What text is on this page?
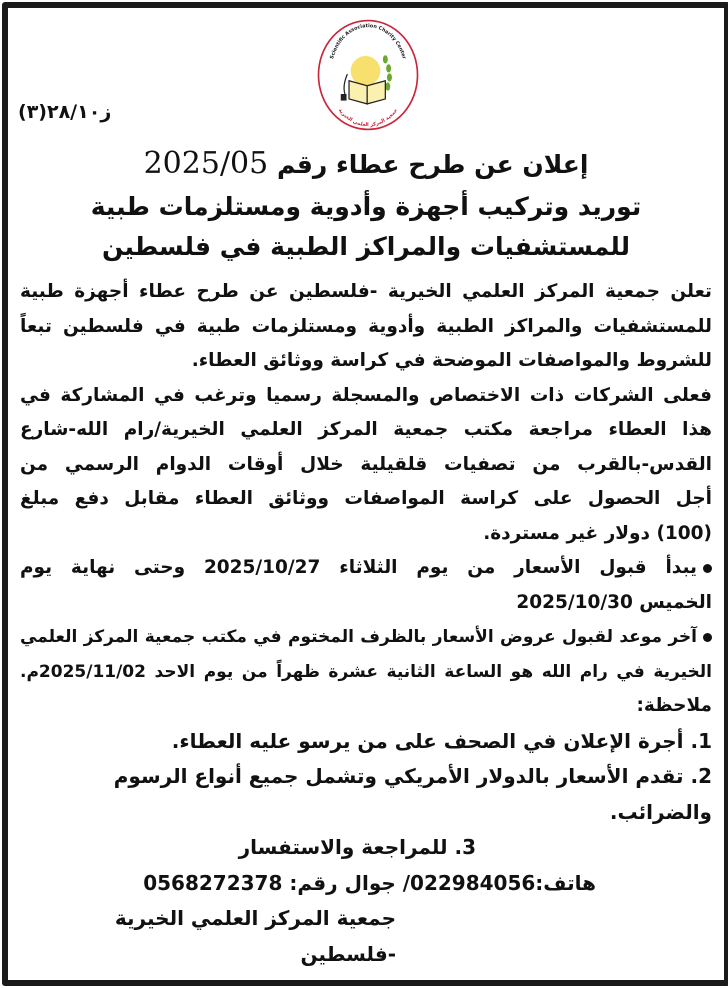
Scientific Association Charity Center
جمعية المركز العلمي الخيرية
ز٢٨/١٠(٣)
إعلان عن طرح عطاء رقم 2025/05
توريد وتركيب أجهزة وأدوية ومستلزمات طبية
للمستشفيات والمراكز الطبية في فلسطين
تعلن جمعية المركز العلمي الخيرية -فلسطين عن طرح عطاء أجهزة طبية
للمستشفيات والمراكز الطبية وأدوية ومستلزمات طبية في فلسطين تبعاً
للشروط والمواصفات الموضحة في كراسة ووثائق العطاء.
فعلى الشركات ذات الاختصاص والمسجلة رسميا وترغب في المشاركة في
هذا العطاء مراجعة مكتب جمعية المركز العلمي الخيرية/رام الله-شارع
القدس-بالقرب من تصفيات قلقيلية خلال أوقات الدوام الرسمي من
أجل الحصول على كراسة المواصفات ووثائق العطاء مقابل دفع مبلغ
(100) دولار غير مستردة.
يبدأ قبول الأسعار من يوم الثلاثاء 2025/10/27 وحتى نهاية يوم
الخميس 2025/10/30
آخر موعد لقبول عروض الأسعار بالظرف المختوم في مكتب جمعية المركز العلمي
الخيرية في رام الله هو الساعة الثانية عشرة ظهراً من يوم الاحد 2025/11/02م.
ملاحظة:
1. أجرة الإعلان في الصحف على من يرسو عليه العطاء.
2. تقدم الأسعار بالدولار الأمريكي وتشمل جميع أنواع الرسوم والضرائب.
3. للمراجعة والاستفسار
هاتف:022984056/ جوال رقم: 0568272378
جمعية المركز العلمي الخيرية -فلسطين
